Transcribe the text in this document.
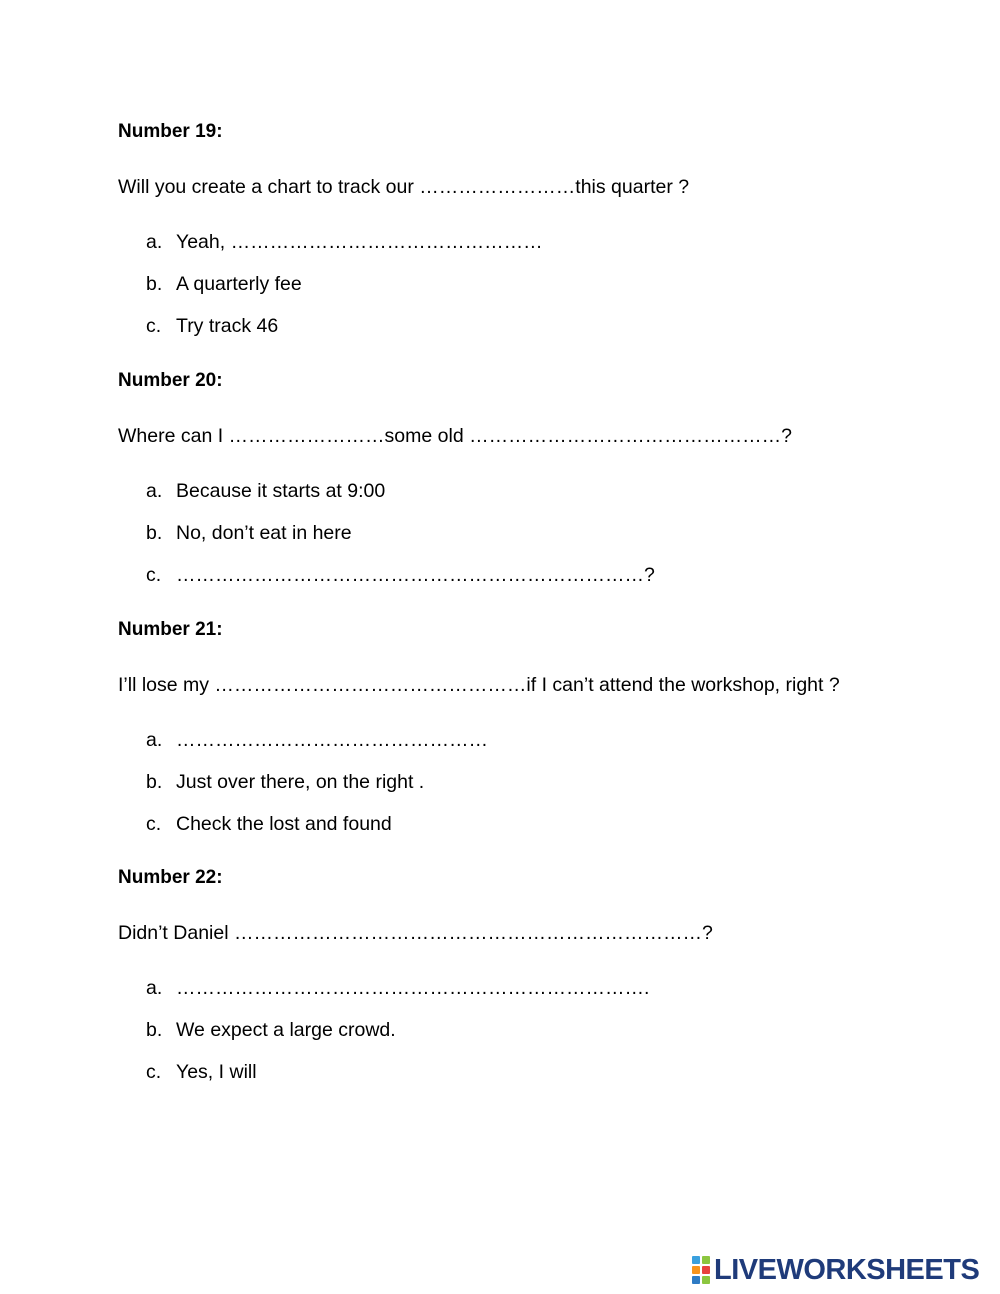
Number 19:
Will you create a chart to track our ……………………this quarter ?
a. Yeah, …………………………………………
b. A quarterly fee
c. Try track 46
Number 20:
Where can I ……………………some old …………………………………………?
a. Because it starts at 9:00
b. No, don’t eat in here
c. ………………………………………………………………?
Number 21:
I’ll lose my …………………………………………if I can’t attend the workshop, right ?
a. …………………………………………
b. Just over there, on the right .
c. Check the lost and found
Number 22:
Didn’t Daniel ………………………………………………………………?
a. ……………………………………………………………….
b. We expect a large crowd.
c. Yes, I will
LIVEWORKSHEETS
